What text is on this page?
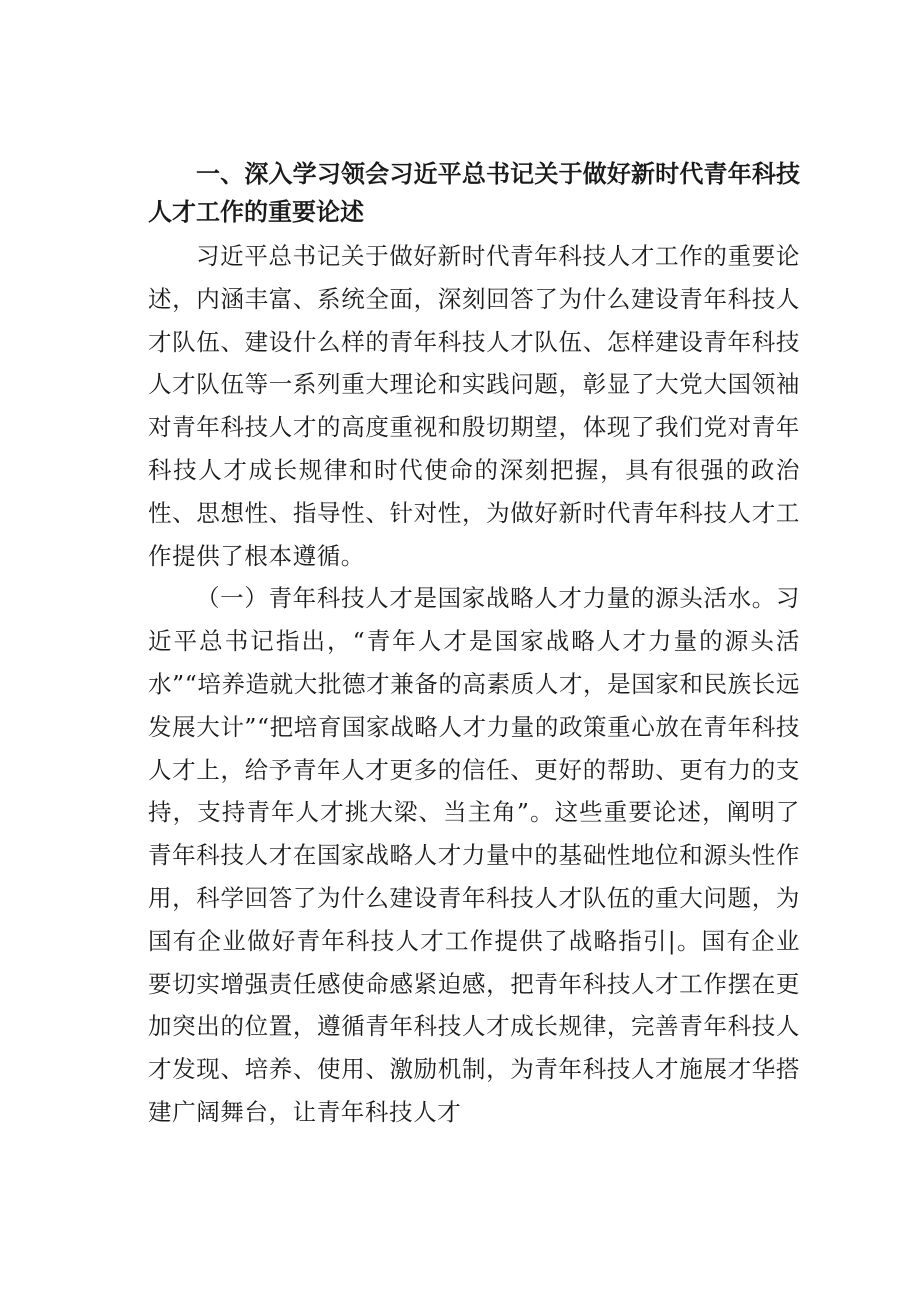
一、深入学习领会习近平总书记关于做好新时代青年科技人才工作的重要论述

习近平总书记关于做好新时代青年科技人才工作的重要论述，内涵丰富、系统全面，深刻回答了为什么建设青年科技人才队伍、建设什么样的青年科技人才队伍、怎样建设青年科技人才队伍等一系列重大理论和实践问题，彰显了大党大国领袖对青年科技人才的高度重视和殷切期望，体现了我们党对青年科技人才成长规律和时代使命的深刻把握，具有很强的政治性、思想性、指导性、针对性，为做好新时代青年科技人才工作提供了根本遵循。

（一）青年科技人才是国家战略人才力量的源头活水。习近平总书记指出，“青年人才是国家战略人才力量的源头活水”“培养造就大批德才兼备的高素质人才，是国家和民族长远发展大计”“把培育国家战略人才力量的政策重心放在青年科技人才上，给予青年人才更多的信任、更好的帮助、更有力的支持，支持青年人才挑大梁、当主角”。这些重要论述，阐明了青年科技人才在国家战略人才力量中的基础性地位和源头性作用，科学回答了为什么建设青年科技人才队伍的重大问题，为国有企业做好青年科技人才工作提供了战略指引|。国有企业要切实增强责任感使命感紧迫感，把青年科技人才工作摆在更加突出的位置，遵循青年科技人才成长规律，完善青年科技人才发现、培养、使用、激励机制，为青年科技人才施展才华搭建广阔舞台，让青年科技人才
